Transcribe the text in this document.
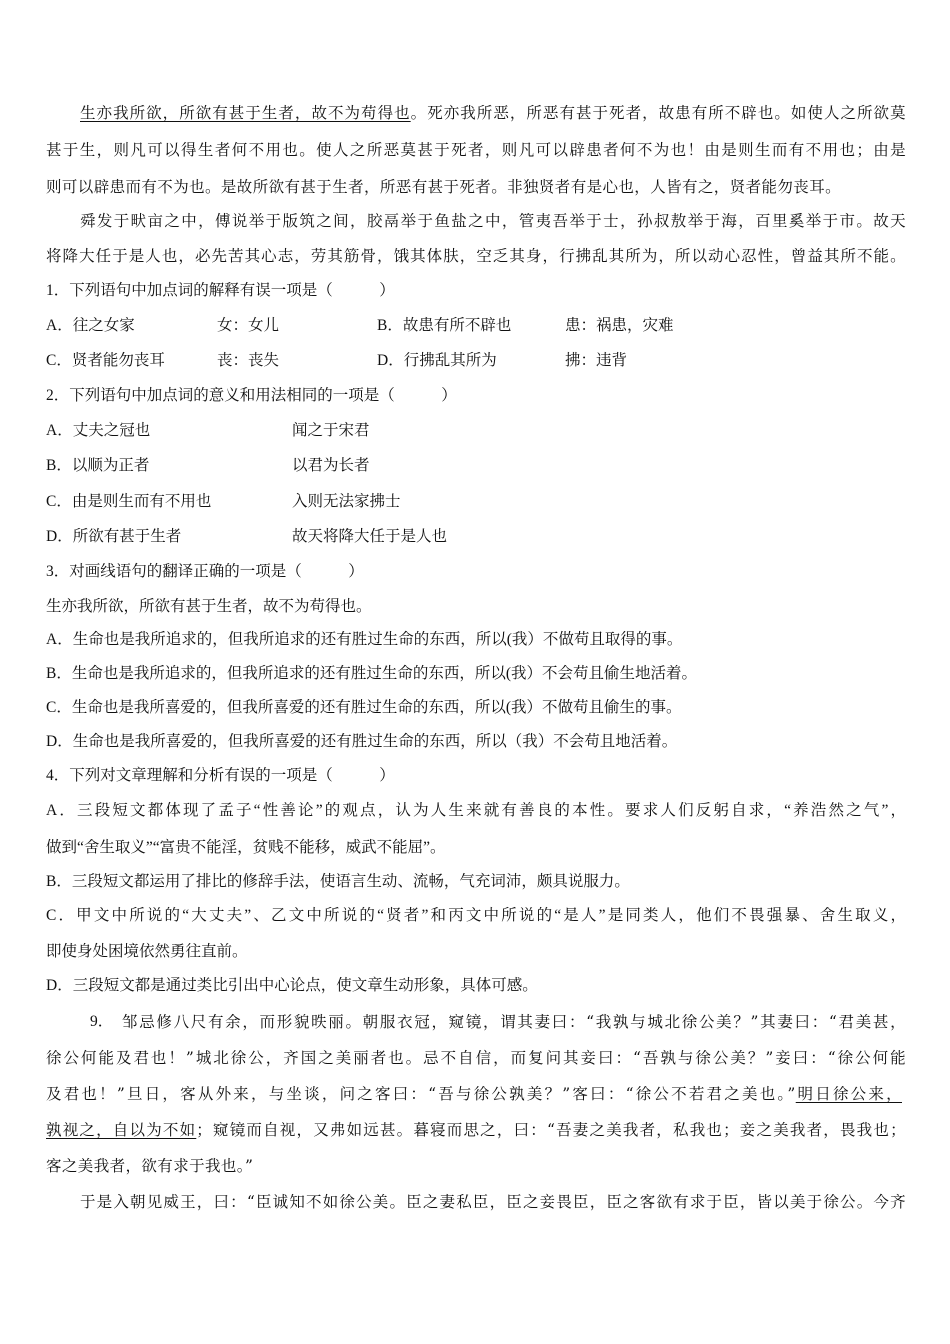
生亦我所欲，所欲有甚于生者，故不为苟得也。死亦我所恶，所恶有甚于死者，故患有所不辟也。如使人之所欲莫
甚于生，则凡可以得生者何不用也。使人之所恶莫甚于死者，则凡可以辟患者何不为也！由是则生而有不用也；由是
则可以辟患而有不为也。是故所欲有甚于生者，所恶有甚于死者。非独贤者有是心也，人皆有之，贤者能勿丧耳。
舜发于畎亩之中，傅说举于版筑之间，胶鬲举于鱼盐之中，管夷吾举于士，孙叔敖举于海，百里奚举于市。故天
将降大任于是人也，必先苦其心志，劳其筋骨，饿其体肤，空乏其身，行拂乱其所为，所以动心忍性，曾益其所不能。
1．下列语句中加点词的解释有误一项是（　　　）
A．往之女家	女：女儿	B．故患有所不辟也	患：祸患，灾难
C．贤者能勿丧耳	丧：丧失	D．行拂乱其所为	拂：违背
2．下列语句中加点词的意义和用法相同的一项是（　　　）
A．丈夫之冠也	闻之于宋君
B．以顺为正者	以君为长者
C．由是则生而有不用也	入则无法家拂士
D．所欲有甚于生者	故天将降大任于是人也
3．对画线语句的翻译正确的一项是（　　　）
生亦我所欲，所欲有甚于生者，故不为苟得也。
A．生命也是我所追求的，但我所追求的还有胜过生命的东西，所以(我）不做苟且取得的事。
B．生命也是我所追求的，但我所追求的还有胜过生命的东西，所以(我）不会苟且偷生地活着。
C．生命也是我所喜爱的，但我所喜爱的还有胜过生命的东西，所以(我）不做苟且偷生的事。
D．生命也是我所喜爱的，但我所喜爱的还有胜过生命的东西，所以（我）不会苟且地活着。
4．下列对文章理解和分析有误的一项是（　　　）
A．三段短文都体现了孟子“性善论”的观点，认为人生来就有善良的本性。要求人们反躬自求，“养浩然之气”，
做到“舍生取义”“富贵不能淫，贫贱不能移，威武不能屈”。
B．三段短文都运用了排比的修辞手法，使语言生动、流畅，气充词沛，颇具说服力。
C．甲文中所说的“大丈夫”、乙文中所说的“贤者”和丙文中所说的“是人”是同类人，他们不畏强暴、舍生取义，
即使身处困境依然勇往直前。
D．三段短文都是通过类比引出中心论点，使文章生动形象，具体可感。
9． 邹忌修八尺有余，而形貌昳丽。朝服衣冠，窥镜，谓其妻曰：“我孰与城北徐公美？”其妻曰：“君美甚，
徐公何能及君也！”城北徐公，齐国之美丽者也。忌不自信，而复问其妾曰：“吾孰与徐公美？”妾曰：“徐公何能
及君也！”旦日，客从外来，与坐谈，问之客曰：“吾与徐公孰美？”客曰：“徐公不若君之美也。”明日徐公来，
孰视之，自以为不如；窥镜而自视，又弗如远甚。暮寝而思之，曰：“吾妻之美我者，私我也；妾之美我者，畏我也；
客之美我者，欲有求于我也。”
于是入朝见威王，曰：“臣诚知不如徐公美。臣之妻私臣，臣之妾畏臣，臣之客欲有求于臣，皆以美于徐公。今齐
